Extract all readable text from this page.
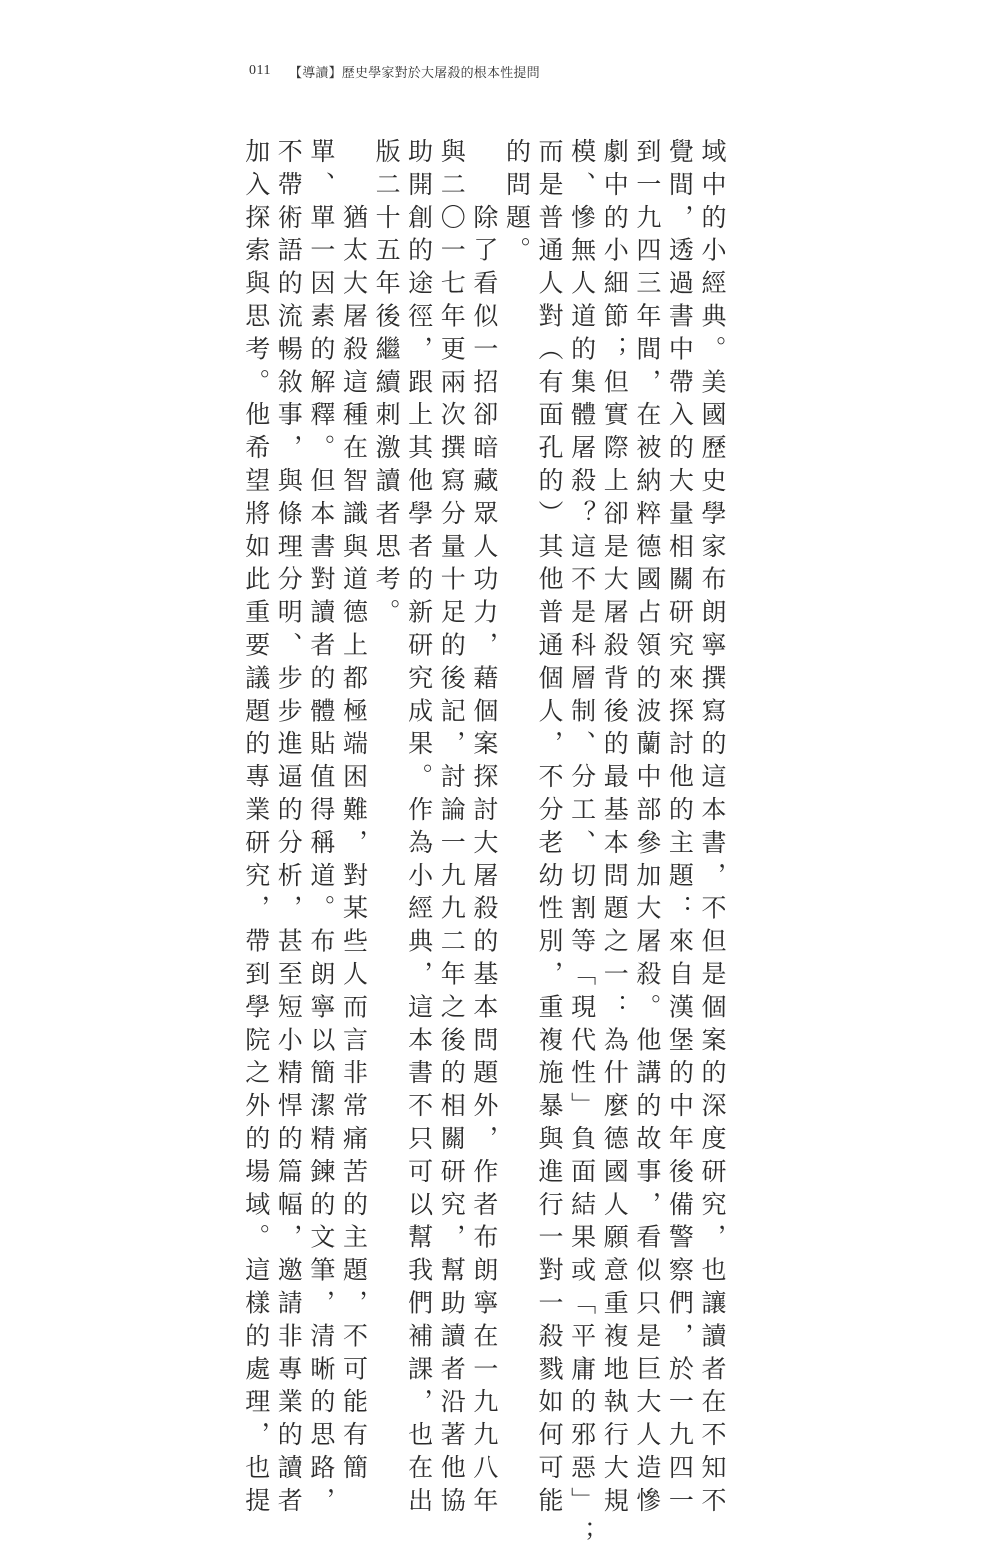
011	【導讀】歷史學家對於大屠殺的根本性提問
域中的小經典。美國歷史學家布朗寧撰寫的這本書，不但是個案的深度研究，也讓讀者在不知不
覺間，透過書中帶入的大量相關研究來探討他的主題：來自漢堡的中年後備警察們，於一九四一
到一九四三年間，在被納粹德國占領的波蘭中部參加大屠殺。他講的故事，看似只是巨大人造慘
劇中的小細節；但實際上卻是大屠殺背後的最基本問題之一：為什麼德國人願意重複地執行大規
模、慘無人道的集體屠殺？這不是科層制、分工、切割等「現代性」負面結果或「平庸的邪惡」；
而是普通人對（有面孔的）其他普通個人，不分老幼性別，重複施暴與進行一對一殺戮如何可能
的問題。
　　除了看似一招卻暗藏眾人功力，藉個案探討大屠殺的基本問題外，作者布朗寧在一九九八年
與二〇一七年更兩次撰寫分量十足的後記，討論一九九二年之後的相關研究，幫助讀者沿著他協
助開創的途徑，跟上其他學者的新研究成果。作為小經典，這本書不只可以幫我們補課，也在出
版二十五年後繼續刺激讀者思考。
　　猶太大屠殺這種在智識與道德上都極端困難，對某些人而言非常痛苦的主題，不可能有簡
單、單一因素的解釋。但本書對讀者的體貼值得稱道。布朗寧以簡潔精鍊的文筆，清晰的思路，
不帶術語的流暢敘事，與條理分明、步步進逼的分析，甚至短小精悍的篇幅，邀請非專業的讀者
加入探索與思考。他希望將如此重要議題的專業研究，帶到學院之外的場域。這樣的處理，也提
